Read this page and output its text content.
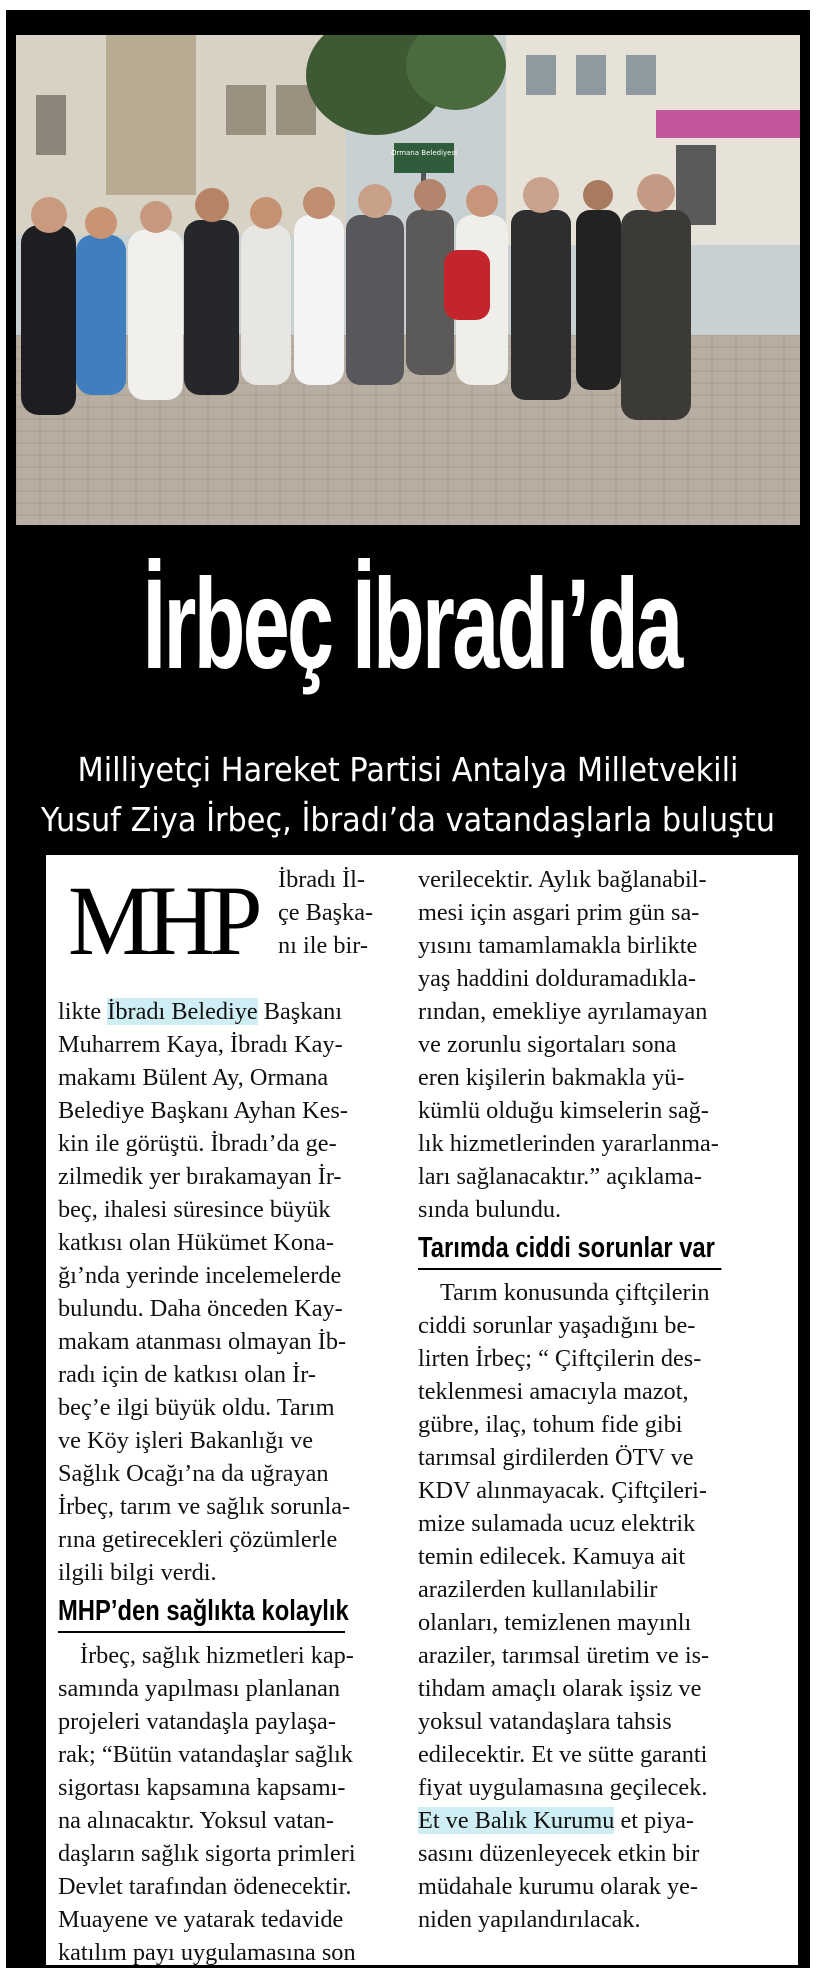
Ormana Belediyesi
İrbeç İbradı’da
Milliyetçi Hareket Partisi Antalya Milletvekili
Yusuf Ziya İrbeç, İbradı’da vatandaşlarla buluştu
MHP İbradı İl-
çe Başka-
nı ile bir-
likte İbradı Belediye Başkanı
Muharrem Kaya, İbradı Kay-
makamı Bülent Ay, Ormana
Belediye Başkanı Ayhan Kes-
kin ile görüştü. İbradı’da ge-
zilmedik yer bırakamayan İr-
beç, ihalesi süresince büyük
katkısı olan Hükümet Kona-
ğı’nda yerinde incelemelerde
bulundu. Daha önceden Kay-
makam atanması olmayan İb-
radı için de katkısı olan İr-
beç’e ilgi büyük oldu. Tarım
ve Köy işleri Bakanlığı ve
Sağlık Ocağı’na da uğrayan
İrbeç, tarım ve sağlık sorunla-
rına getirecekleri çözümlerle
ilgili bilgi verdi.
MHP’den sağlıkta kolaylık
İrbeç, sağlık hizmetleri kap-
samında yapılması planlanan
projeleri vatandaşla paylaşa-
rak; “Bütün vatandaşlar sağlık
sigortası kapsamına kapsamı-
na alınacaktır. Yoksul vatan-
daşların sağlık sigorta primleri
Devlet tarafından ödenecektir.
Muayene ve yatarak tedavide
katılım payı uygulamasına son
verilecektir. Aylık bağlanabil-
mesi için asgari prim gün sa-
yısını tamamlamakla birlikte
yaş haddini dolduramadıkla-
rından, emekliye ayrılamayan
ve zorunlu sigortaları sona
eren kişilerin bakmakla yü-
kümlü olduğu kimselerin sağ-
lık hizmetlerinden yararlanma-
ları sağlanacaktır.” açıklama-
sında bulundu.
Tarımda ciddi sorunlar var
Tarım konusunda çiftçilerin
ciddi sorunlar yaşadığını be-
lirten İrbeç; “ Çiftçilerin des-
teklenmesi amacıyla mazot,
gübre, ilaç, tohum fide gibi
tarımsal girdilerden ÖTV ve
KDV alınmayacak. Çiftçileri-
mize sulamada ucuz elektrik
temin edilecek. Kamuya ait
arazilerden kullanılabilir
olanları, temizlenen mayınlı
araziler, tarımsal üretim ve is-
tihdam amaçlı olarak işsiz ve
yoksul vatandaşlara tahsis
edilecektir. Et ve sütte garanti
fiyat uygulamasına geçilecek.
Et ve Balık Kurumu et piya-
sasını düzenleyecek etkin bir
müdahale kurumu olarak ye-
niden yapılandırılacak.
